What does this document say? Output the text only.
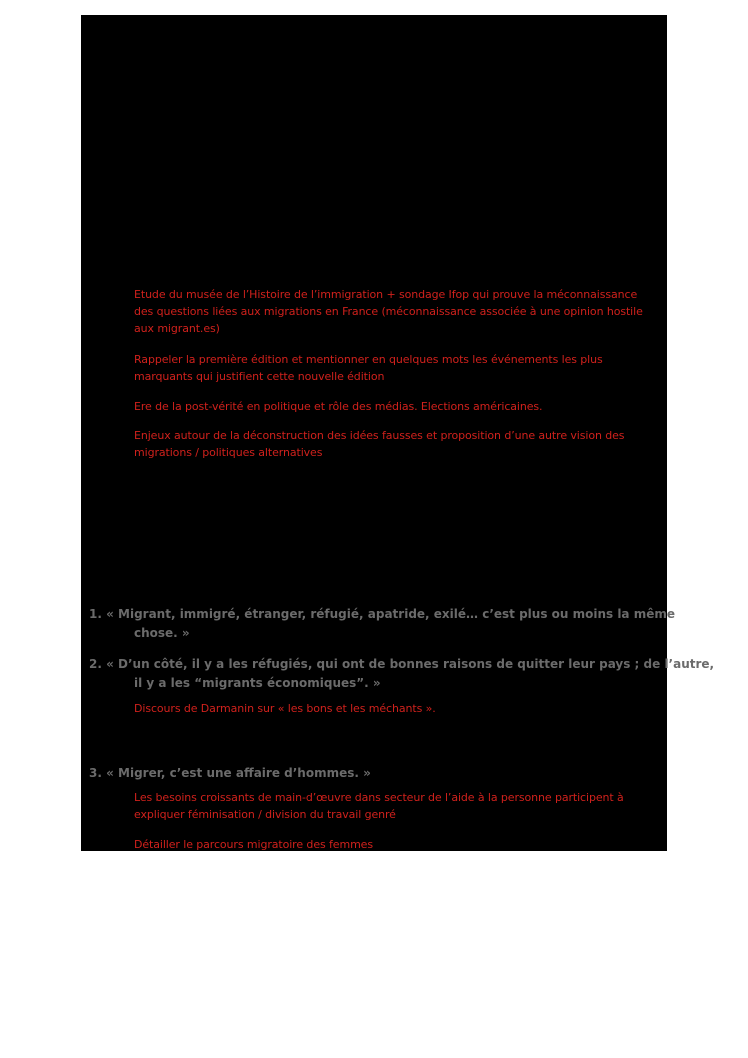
Etude du musée de l’Histoire de l’immigration + sondage Ifop qui prouve la méconnaissance
des questions liées aux migrations en France (méconnaissance associée à une opinion hostile
aux migrant.es)
Rappeler la première édition et mentionner en quelques mots les événements les plus
marquants qui justifient cette nouvelle édition
Ere de la post-vérité en politique et rôle des médias. Elections américaines.
Enjeux autour de la déconstruction des idées fausses et proposition d’une autre vision des
migrations / politiques alternatives
1. « Migrant, immigré, étranger, réfugié, apatride, exilé… c’est plus ou moins la même
chose. »
2. « D’un côté, il y a les réfugiés, qui ont de bonnes raisons de quitter leur pays ; de l’autre,
il y a les “migrants économiques”. »
Discours de Darmanin sur « les bons et les méchants ».
3. « Migrer, c’est une affaire d’hommes. »
Les besoins croissants de main-d’œuvre dans secteur de l’aide à la personne participent à
expliquer féminisation / division du travail genré
Détailler le parcours migratoire des femmes
